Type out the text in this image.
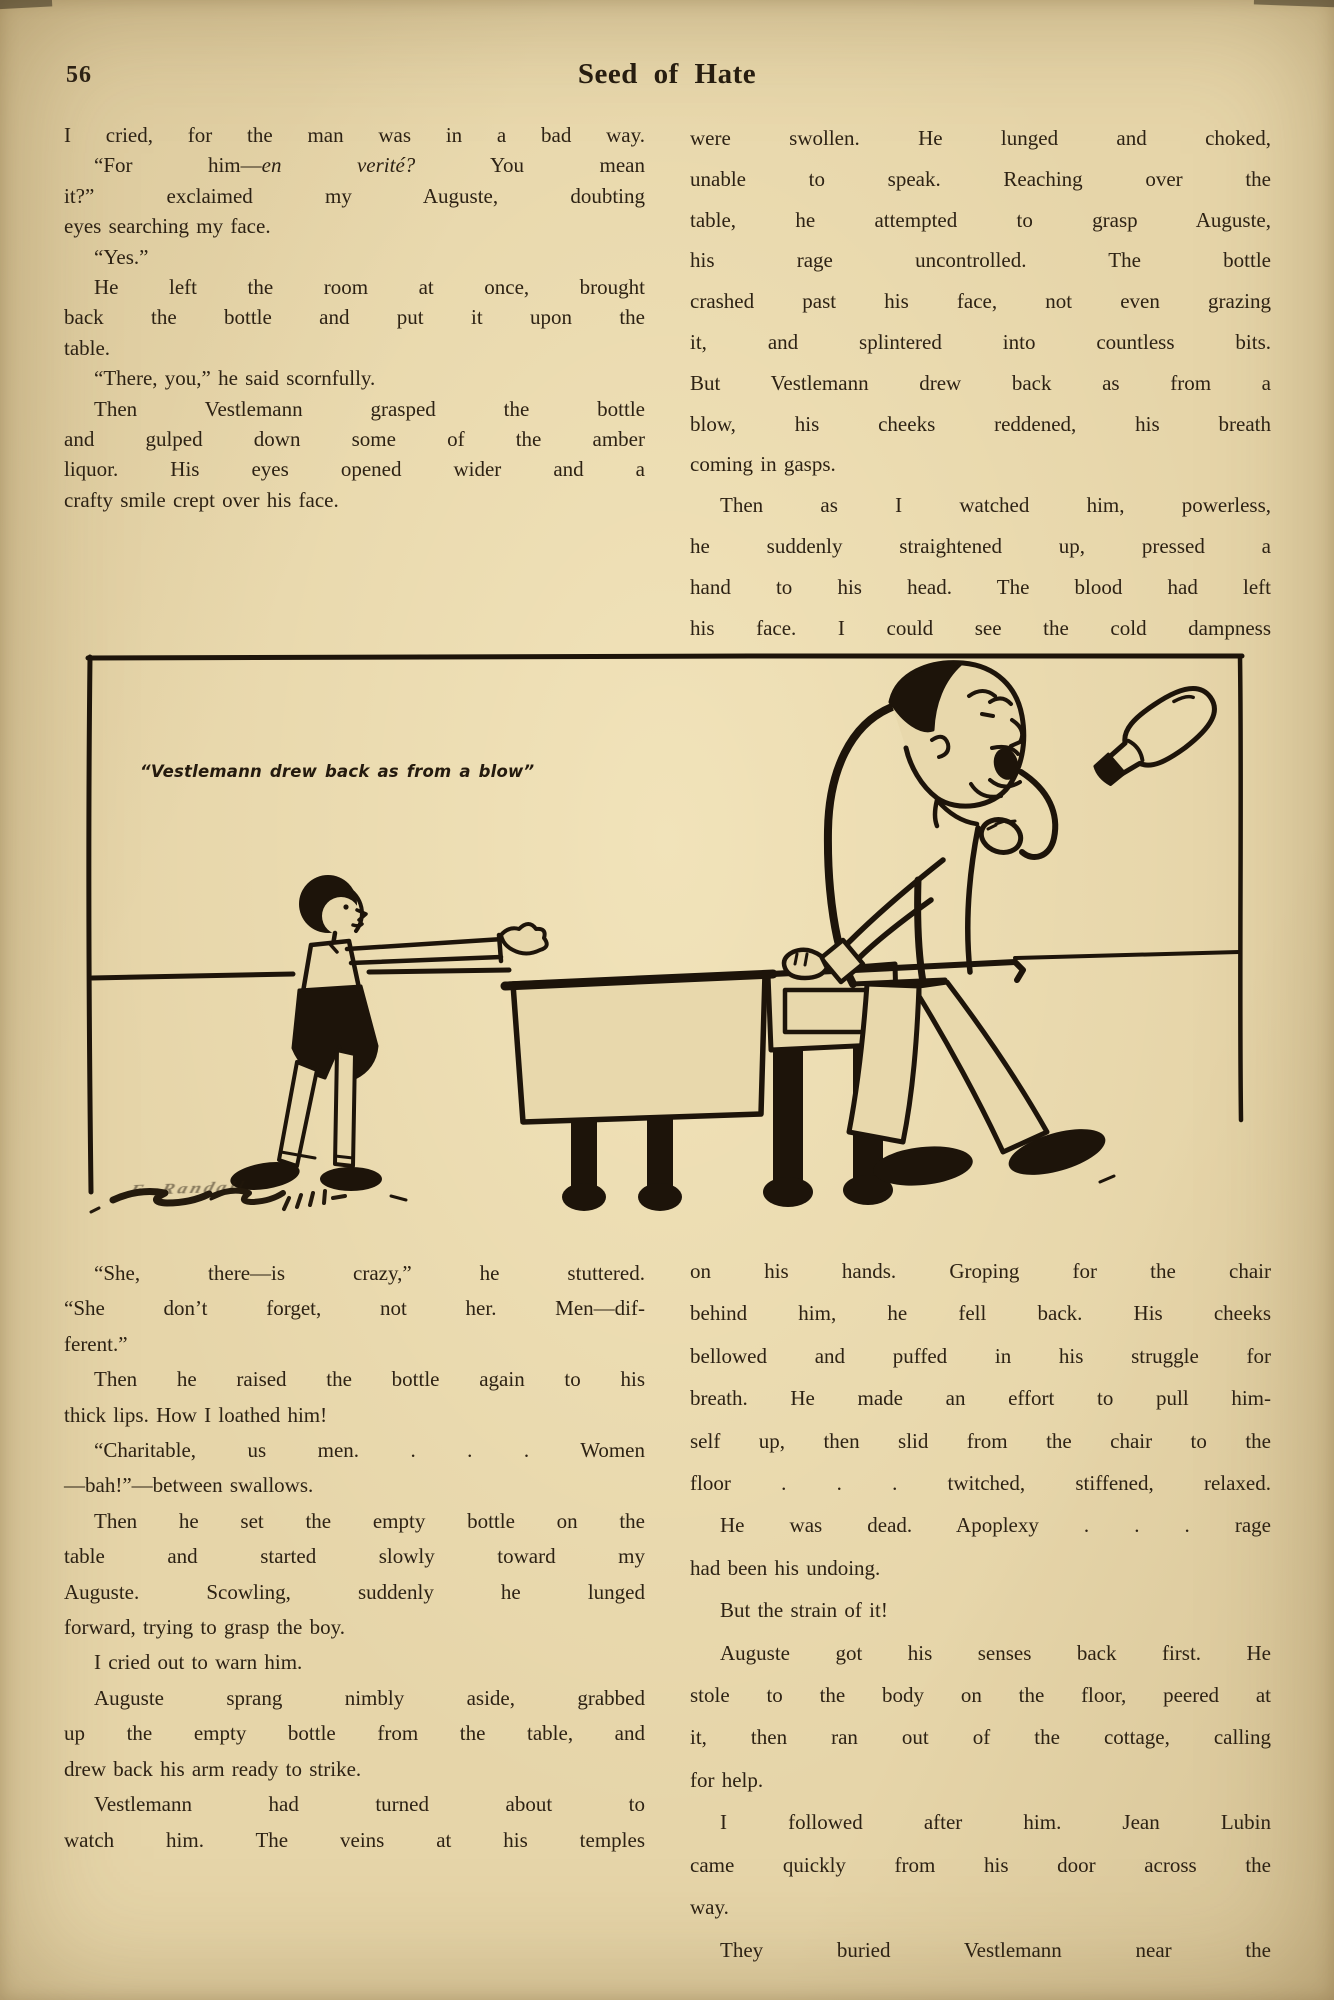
56	Seed of Hate
I cried, for the man was in a bad way.
“For him—en verité? You mean
it?” exclaimed my Auguste, doubting
eyes searching my face.
“Yes.”
He left the room at once, brought
back the bottle and put it upon the
table.
“There, you,” he said scornfully.
Then Vestlemann grasped the bottle
and gulped down some of the amber
liquor. His eyes opened wider and a
crafty smile crept over his face.
were swollen. He lunged and choked,
unable to speak. Reaching over the
table, he attempted to grasp Auguste,
his rage uncontrolled. The bottle
crashed past his face, not even grazing
it, and splintered into countless bits.
But Vestlemann drew back as from a
blow, his cheeks reddened, his breath
coming in gasps.
Then as I watched him, powerless,
he suddenly straightened up, pressed a
hand to his head. The blood had left
his face. I could see the cold dampness
“Vestlemann drew back as from a blow”
E. Randall
“She, there—is crazy,” he stuttered.
“She don’t forget, not her. Men—dif-
ferent.”
Then he raised the bottle again to his
thick lips. How I loathed him!
“Charitable, us men. . . . Women
—bah!”—between swallows.
Then he set the empty bottle on the
table and started slowly toward my
Auguste. Scowling, suddenly he lunged
forward, trying to grasp the boy.
I cried out to warn him.
Auguste sprang nimbly aside, grabbed
up the empty bottle from the table, and
drew back his arm ready to strike.
Vestlemann had turned about to
watch him. The veins at his temples
on his hands. Groping for the chair
behind him, he fell back. His cheeks
bellowed and puffed in his struggle for
breath. He made an effort to pull him-
self up, then slid from the chair to the
floor . . . twitched, stiffened, relaxed.
He was dead. Apoplexy . . . rage
had been his undoing.
But the strain of it!
Auguste got his senses back first. He
stole to the body on the floor, peered at
it, then ran out of the cottage, calling
for help.
I followed after him. Jean Lubin
came quickly from his door across the
way.
They buried Vestlemann near the
